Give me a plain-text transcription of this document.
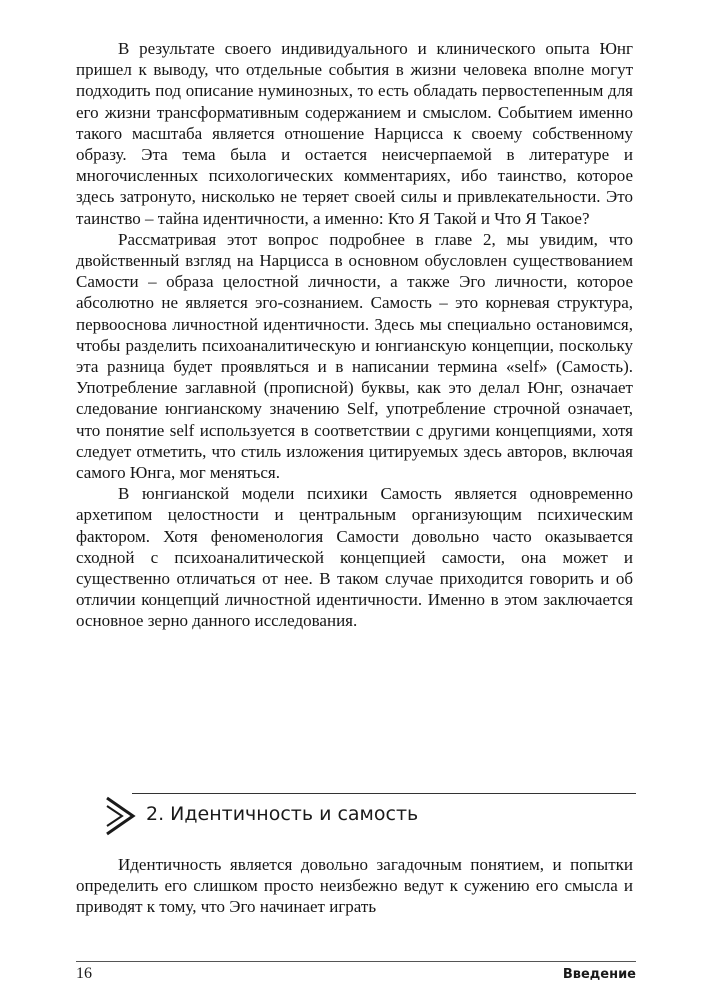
В результате своего индивидуального и клинического опыта Юнг пришел к выводу, что отдельные события в жизни человека вполне могут подходить под описание нуминозных, то есть обладать первостепенным для его жизни трансформативным содержанием и смыслом. Событием именно такого масштаба является отношение Нарцисса к своему собственному образу. Эта тема была и остается неисчерпаемой в литературе и многочисленных психологических комментариях, ибо таинство, которое здесь затронуто, нисколько не теряет своей силы и привлекательности. Это таинство – тайна идентичности, а именно: Кто Я Такой и Что Я Такое?

Рассматривая этот вопрос подробнее в главе 2, мы увидим, что двойственный взгляд на Нарцисса в основном обусловлен существованием Самости – образа целостной личности, а также Эго личности, которое абсолютно не является эго-сознанием. Самость – это корневая структура, первооснова личностной идентичности. Здесь мы специально остановимся, чтобы разделить психоаналитическую и юнгианскую концепции, поскольку эта разница будет проявляться и в написании термина «self» (Самость). Употребление заглавной (прописной) буквы, как это делал Юнг, означает следование юнгианскому значению Self, употребление строчной означает, что понятие self используется в соответствии с другими концепциями, хотя следует отметить, что стиль изложения цитируемых здесь авторов, включая самого Юнга, мог меняться.

В юнгианской модели психики Самость является одновременно архетипом целостности и центральным организующим психическим фактором. Хотя феноменология Самости довольно часто оказывается сходной с психоаналитической концепцией самости, она может и существенно отличаться от нее. В таком случае приходится говорить и об отличии концепций личностной идентичности. Именно в этом заключается основное зерно данного исследования.

2. Идентичность и самость

Идентичность является довольно загадочным понятием, и попытки определить его слишком просто неизбежно ведут к сужению его смысла и приводят к тому, что Эго начинает играть

16	Введение
